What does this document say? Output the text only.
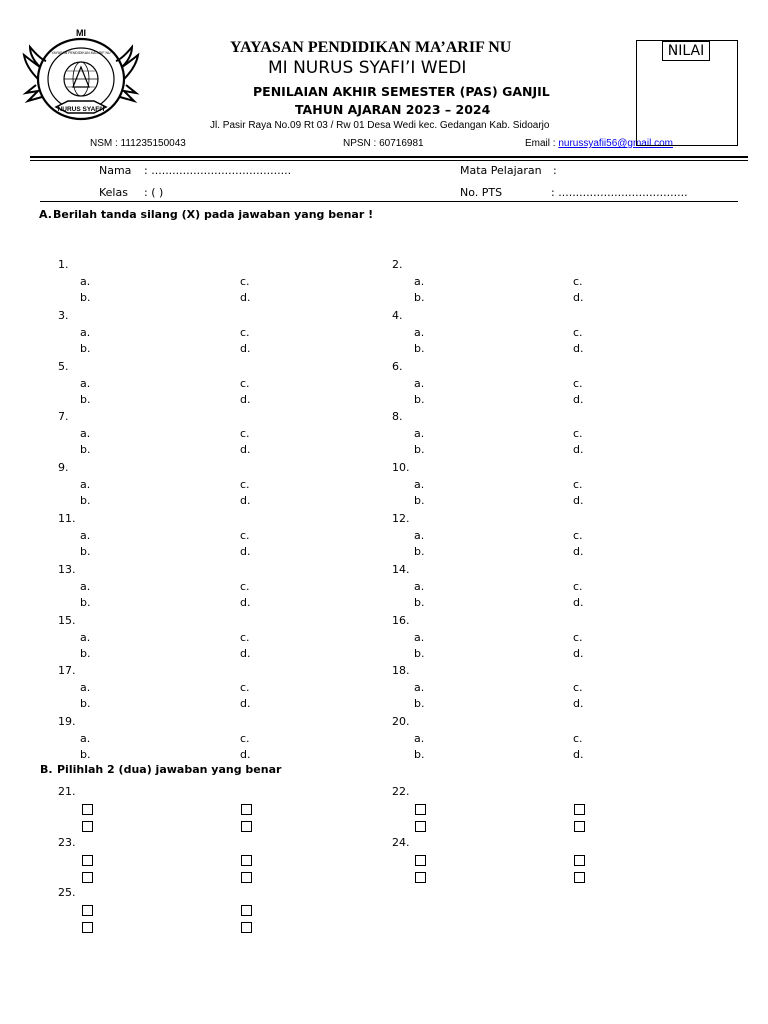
NURUS SYAFI'I
MI
YAYASAN PENDIDIKAN MA'ARIF NU	YAYASAN PENDIDIKAN MA’ARIF NU
MI NURUS SYAFI’I WEDI
PENILAIAN AKHIR SEMESTER (PAS) GANJIL
TAHUN AJARAN 2023 – 2024
Jl. Pasir Raya No.09 Rt 03 / Rw 01 Desa Wedi kec. Gedangan Kab. Sidoarjo
NSM : 111235150043	NPSN : 60716981	Email : nurussyafii56@gmail.com
NILAI
Nama : ........................................
Kelas : ( )
Mata Pelajaran :
No. PTS	: .....................................
A. Berilah tanda silang (X) pada jawaban yang benar !
1.
a.	c.
b.	d.
2.
a.	c.
b.	d.
3.
a.	c.
b.	d.
4.
a.	c.
b.	d.
5.
a.	c.
b.	d.
6.
a.	c.
b.	d.
7.
a.	c.
b.	d.
8.
a.	c.
b.	d.
9.
a.	c.
b.	d.
10.
a.	c.
b.	d.
11.
a.	c.
b.	d.
12.
a.	c.
b.	d.
13.
a.	c.
b.	d.
14.
a.	c.
b.	d.
15.
a.	c.
b.	d.
16.
a.	c.
b.	d.
17.
a.	c.
b.	d.
18.
a.	c.
b.	d.
19.
a.	c.
b.	d.
20.
a.	c.
b.	d.
B. Pilihlah 2 (dua) jawaban yang benar
21.	22.
23.	24.
25.
